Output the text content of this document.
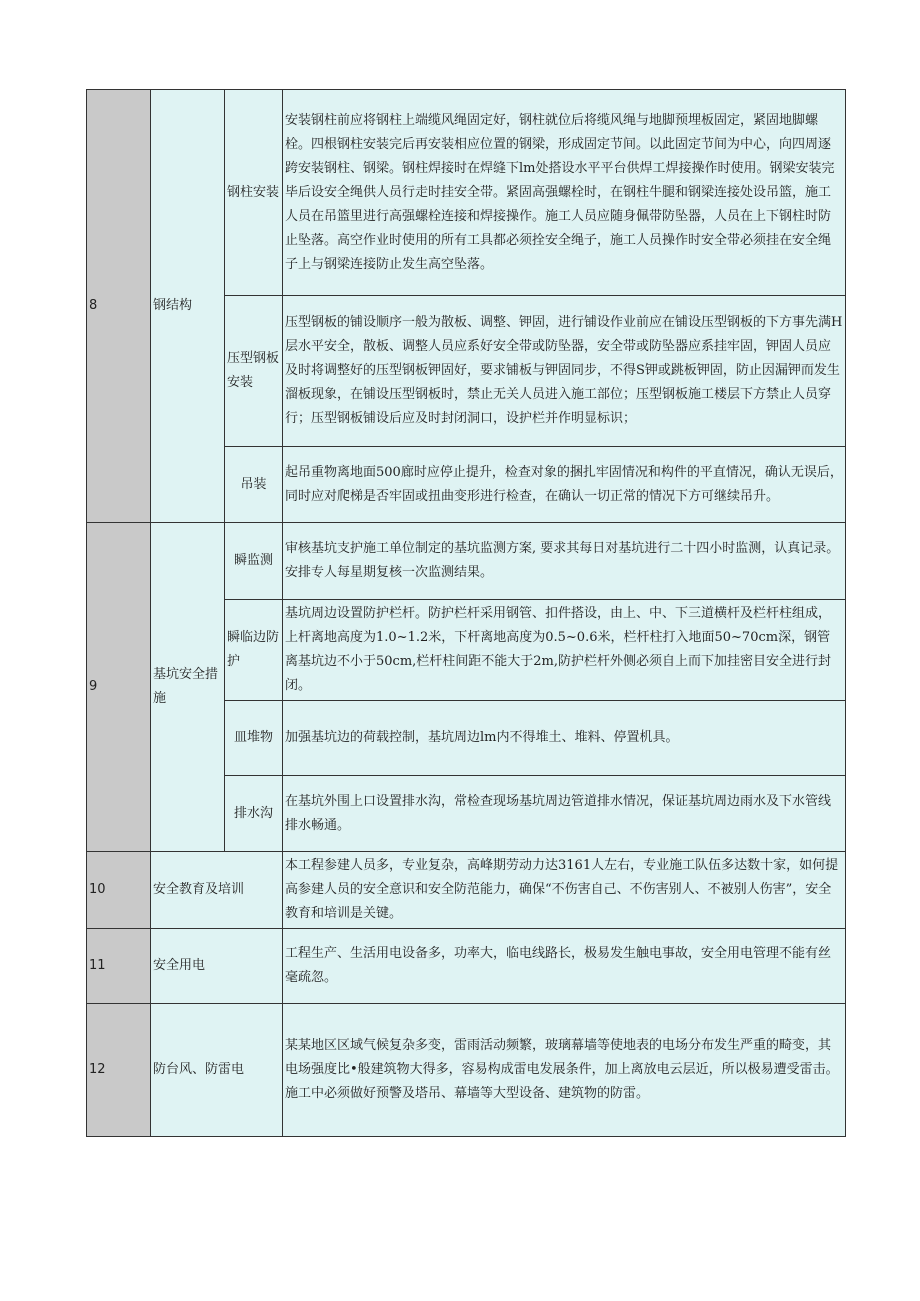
8	钢结构	钢柱安装	安装钢柱前应将钢柱上端缆风绳固定好，钢柱就位后将缆风绳与地脚预埋板固定，紧固地脚螺栓。四根钢柱安装完后再安装相应位置的钢梁，形成固定节间。以此固定节间为中心，向四周逐跨安装钢柱、钢梁。钢柱焊接时在焊缝下lm处搭设水平平台供焊工焊接操作时使用。钢梁安装完毕后设安全绳供人员行走时挂安全带。紧固高强螺栓时，在钢柱牛腿和钢梁连接处设吊篮，施工人员在吊篮里进行高强螺栓连接和焊接操作。施工人员应随身佩带防坠器，人员在上下钢柱时防止坠落。高空作业时使用的所有工具都必须拴安全绳子，施工人员操作时安全带必须挂在安全绳子上与钢梁连接防止发生高空坠落。
		压型钢板安装	压型钢板的铺设顺序一般为散板、调整、钾固，进行铺设作业前应在铺设压型钢板的下方事先满H层水平安全，散板、调整人员应系好安全带或防坠器，安全带或防坠器应系挂牢固，钾固人员应及时将调整好的压型钢板钾固好，要求铺板与钾固同步，不得S钾或跳板钾固，防止因漏钾而发生溜板现象，在铺设压型钢板时，禁止无关人员进入施工部位；压型钢板施工楼层下方禁止人员穿行；压型钢板铺设后应及时封闭洞口，设护栏并作明显标识；
		吊装	起吊重物离地面500廊时应停止提升，检查对象的捆扎牢固情况和构件的平直情况，确认无误后，同时应对爬梯是否牢固或扭曲变形进行检查，在确认一切正常的情况下方可继续吊升。
9	基坑安全措施	瞬监测	审核基坑支护施工单位制定的基坑监测方案, 要求其每日对基坑进行二十四小时监测，认真记录。安排专人每星期复核一次监测结果。
		瞬临边防护	基坑周边设置防护栏杆。防护栏杆采用钢管、扣件搭设，由上、中、下三道横杆及栏杆柱组成，上杆离地高度为1.0~1.2米，下杆离地高度为0.5~0.6米，栏杆柱打入地面50~70cm深，钢管离基坑边不小于50cm,栏杆柱间距不能大于2m,防护栏杆外侧必须自上而下加挂密目安全进行封闭。
		皿堆物	加强基坑边的荷载控制，基坑周边lm内不得堆土、堆料、停置机具。
		排水沟	在基坑外围上口设置排水沟，常检查现场基坑周边管道排水情况，保证基坑周边雨水及下水管线排水畅通。
10	安全教育及培训		本工程参建人员多，专业复杂，高峰期劳动力达3161人左右，专业施工队伍多达数十家，如何提高参建人员的安全意识和安全防范能力，确保“不伤害自己、不伤害别人、不被别人伤害”，安全教育和培训是关键。
11	安全用电		工程生产、生活用电设备多，功率大，临电线路长，极易发生触电事故，安全用电管理不能有丝毫疏忽。
12	防台风、防雷电		某某地区区域气候复杂多变，雷雨活动频繁，玻璃幕墙等使地表的电场分布发生严重的畸变，其电场强度比•般建筑物大得多，容易构成雷电发展条件，加上离放电云层近，所以极易遭受雷击。施工中必须做好预警及塔吊、幕墙等大型设备、建筑物的防雷。
